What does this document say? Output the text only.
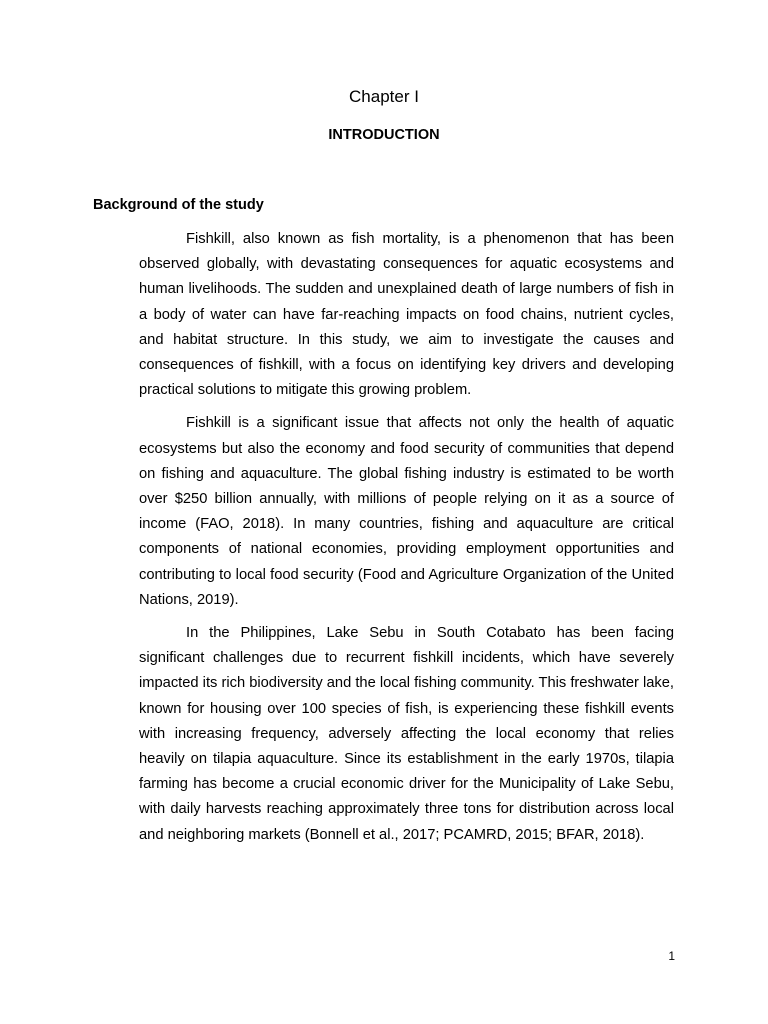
Chapter I
INTRODUCTION
Background of the study

Fishkill, also known as fish mortality, is a phenomenon that has been observed globally, with devastating consequences for aquatic ecosystems and human livelihoods. The sudden and unexplained death of large numbers of fish in a body of water can have far-reaching impacts on food chains, nutrient cycles, and habitat structure. In this study, we aim to investigate the causes and consequences of fishkill, with a focus on identifying key drivers and developing practical solutions to mitigate this growing problem.

Fishkill is a significant issue that affects not only the health of aquatic ecosystems but also the economy and food security of communities that depend on fishing and aquaculture. The global fishing industry is estimated to be worth over $250 billion annually, with millions of people relying on it as a source of income (FAO, 2018). In many countries, fishing and aquaculture are critical components of national economies, providing employment opportunities and contributing to local food security (Food and Agriculture Organization of the United Nations, 2019).

In the Philippines, Lake Sebu in South Cotabato has been facing significant challenges due to recurrent fishkill incidents, which have severely impacted its rich biodiversity and the local fishing community. This freshwater lake, known for housing over 100 species of fish, is experiencing these fishkill events with increasing frequency, adversely affecting the local economy that relies heavily on tilapia aquaculture. Since its establishment in the early 1970s, tilapia farming has become a crucial economic driver for the Municipality of Lake Sebu, with daily harvests reaching approximately three tons for distribution across local and neighboring markets (Bonnell et al., 2017; PCAMRD, 2015; BFAR, 2018).

1
